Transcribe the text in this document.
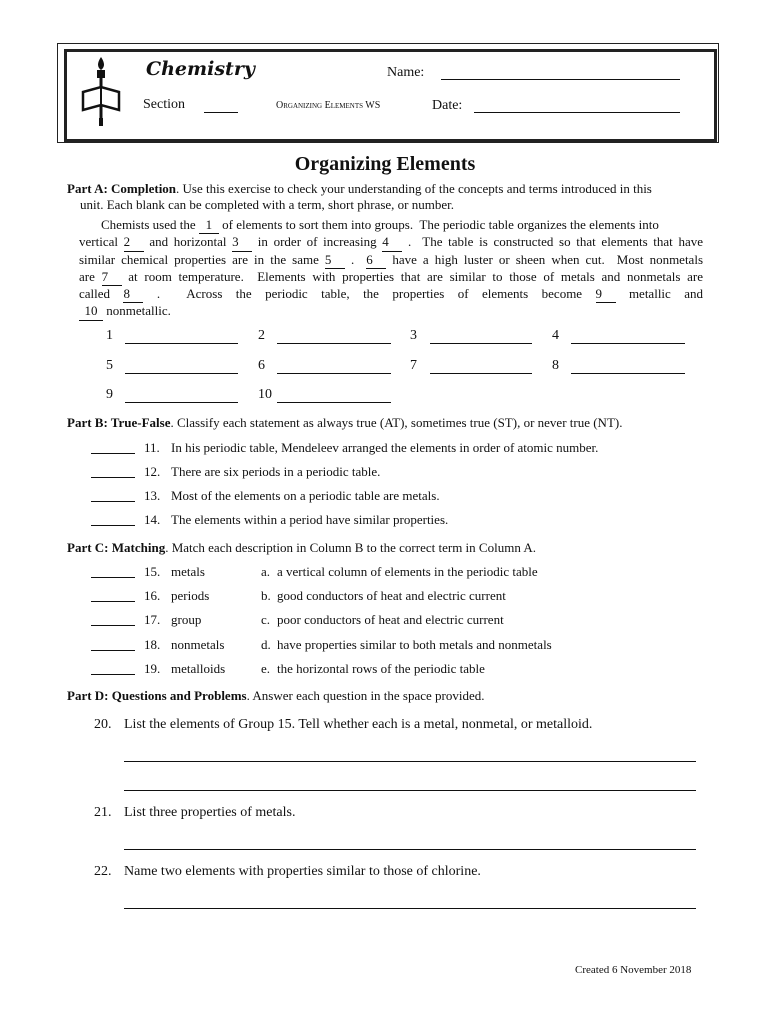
Chemistry
Section	Organizing Elements WS
Name:
Date:
Organizing Elements
Part A: Completion. Use this exercise to check your understanding of the concepts and terms introduced in this
unit. Each blank can be completed with a term, short phrase, or number.
Chemists used the 1 of elements to sort them into groups.  The periodic table organizes the elements into
vertical 2 and horizontal 3 in order of increasing 4 .  The table is constructed so that elements that have
similar chemical properties are in the same 5 .  6 have a high luster or sheen when cut.  Most nonmetals
are 7 at room temperature.  Elements with properties that are similar to those of metals and nonmetals are
called 8 .  Across the periodic table, the properties of elements become 9 metallic and
10 nonmetallic.
1	2	3	4
5	6	7	8
9	10
Part B: True-False. Classify each statement as always true (AT), sometimes true (ST), or never true (NT).
11. In his periodic table, Mendeleev arranged the elements in order of atomic number.
12. There are six periods in a periodic table.
13. Most of the elements on a periodic table are metals.
14. The elements within a period have similar properties.
Part C: Matching. Match each description in Column B to the correct term in Column A.
15. metals	a. a vertical column of elements in the periodic table
16. periods	b. good conductors of heat and electric current
17. group	c. poor conductors of heat and electric current
18. nonmetals	d. have properties similar to both metals and nonmetals
19. metalloids	e. the horizontal rows of the periodic table
Part D: Questions and Problems. Answer each question in the space provided.
20. List the elements of Group 15. Tell whether each is a metal, nonmetal, or metalloid.
21. List three properties of metals.
22. Name two elements with properties similar to those of chlorine.
Created 6 November 2018
